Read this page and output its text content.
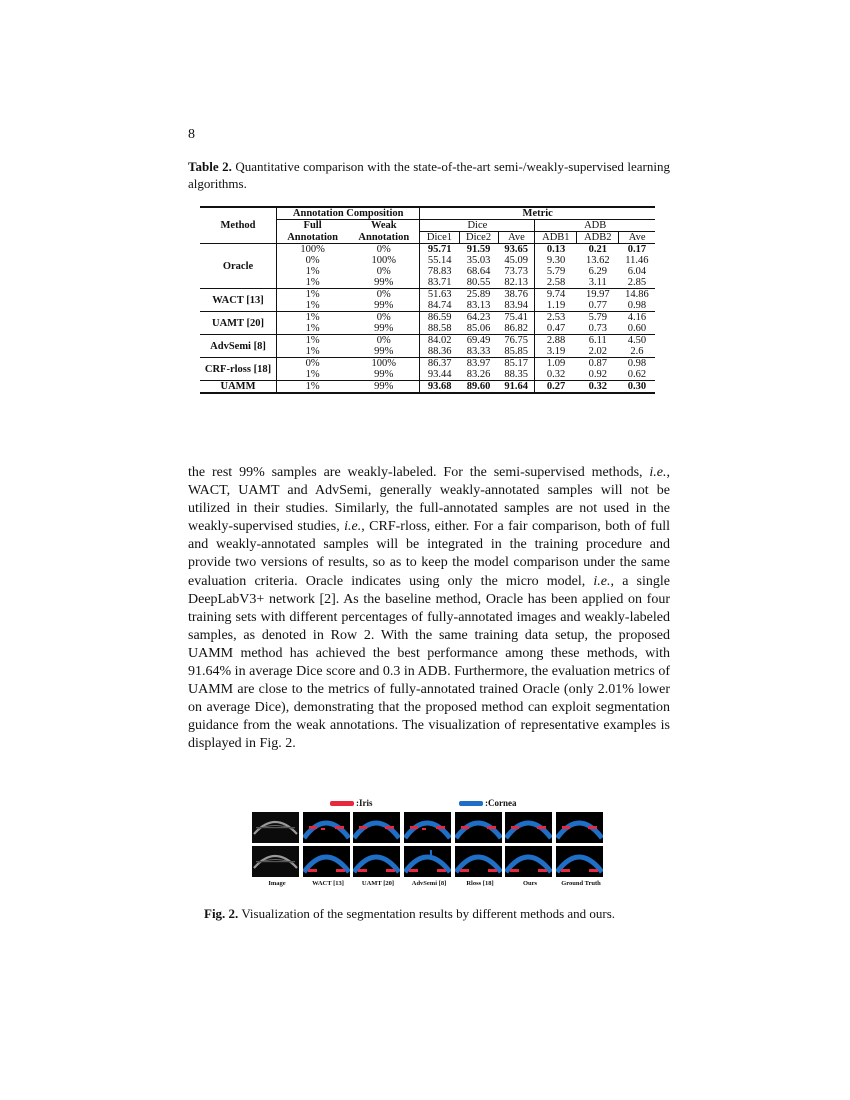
8
Table 2. Quantitative comparison with the state-of-the-art semi-/weakly-supervised learning algorithms.
Method	Annotation Composition		Metric					
	Full	Weak	Dice			ADB		
	Annotation	Annotation	Dice1	Dice2	Ave	ADB1	ADB2	Ave
Oracle	100%	0%	95.71	91.59	93.65	0.13	0.21	0.17
	0%	100%	55.14	35.03	45.09	9.30	13.62	11.46
	1%	0%	78.83	68.64	73.73	5.79	6.29	6.04
	1%	99%	83.71	80.55	82.13	2.58	3.11	2.85
WACT [13]	1%	0%	51.63	25.89	38.76	9.74	19.97	14.86
	1%	99%	84.74	83.13	83.94	1.19	0.77	0.98
UAMT [20]	1%	0%	86.59	64.23	75.41	2.53	5.79	4.16
	1%	99%	88.58	85.06	86.82	0.47	0.73	0.60
AdvSemi [8]	1%	0%	84.02	69.49	76.75	2.88	6.11	4.50
	1%	99%	88.36	83.33	85.85	3.19	2.02	2.6
CRF-rloss [18]	0%	100%	86.37	83.97	85.17	1.09	0.87	0.98
	1%	99%	93.44	83.26	88.35	0.32	0.92	0.62
UAMM	1%	99%	93.68	89.60	91.64	0.27	0.32	0.30
the rest 99% samples are weakly-labeled. For the semi-supervised methods, i.e., WACT, UAMT and AdvSemi, generally weakly-annotated samples will not be utilized in their studies. Similarly, the full-annotated samples are not used in the weakly-supervised studies, i.e., CRF-rloss, either. For a fair comparison, both of full and weakly-annotated samples will be integrated in the training procedure and provide two versions of results, so as to keep the model comparison under the same evaluation criteria. Oracle indicates using only the micro model, i.e., a single DeepLabV3+ network [2]. As the baseline method, Oracle has been applied on four training sets with different percentages of fully-annotated images and weakly-labeled samples, as denoted in Row 2. With the same training data setup, the proposed UAMM method has achieved the best performance among these methods, with 91.64% in average Dice score and 0.3 in ADB. Furthermore, the evaluation metrics of UAMM are close to the metrics of fully-annotated trained Oracle (only 2.01% lower on average Dice), demonstrating that the proposed method can exploit segmentation guidance from the weak annotations. The visualization of representative examples is displayed in Fig. 2.
:Iris	:Cornea
Image	WACT [13]	UAMT [20]	AdvSemi [8]	Rloss [18]	Ours	Ground Truth
Fig. 2. Visualization of the segmentation results by different methods and ours.
